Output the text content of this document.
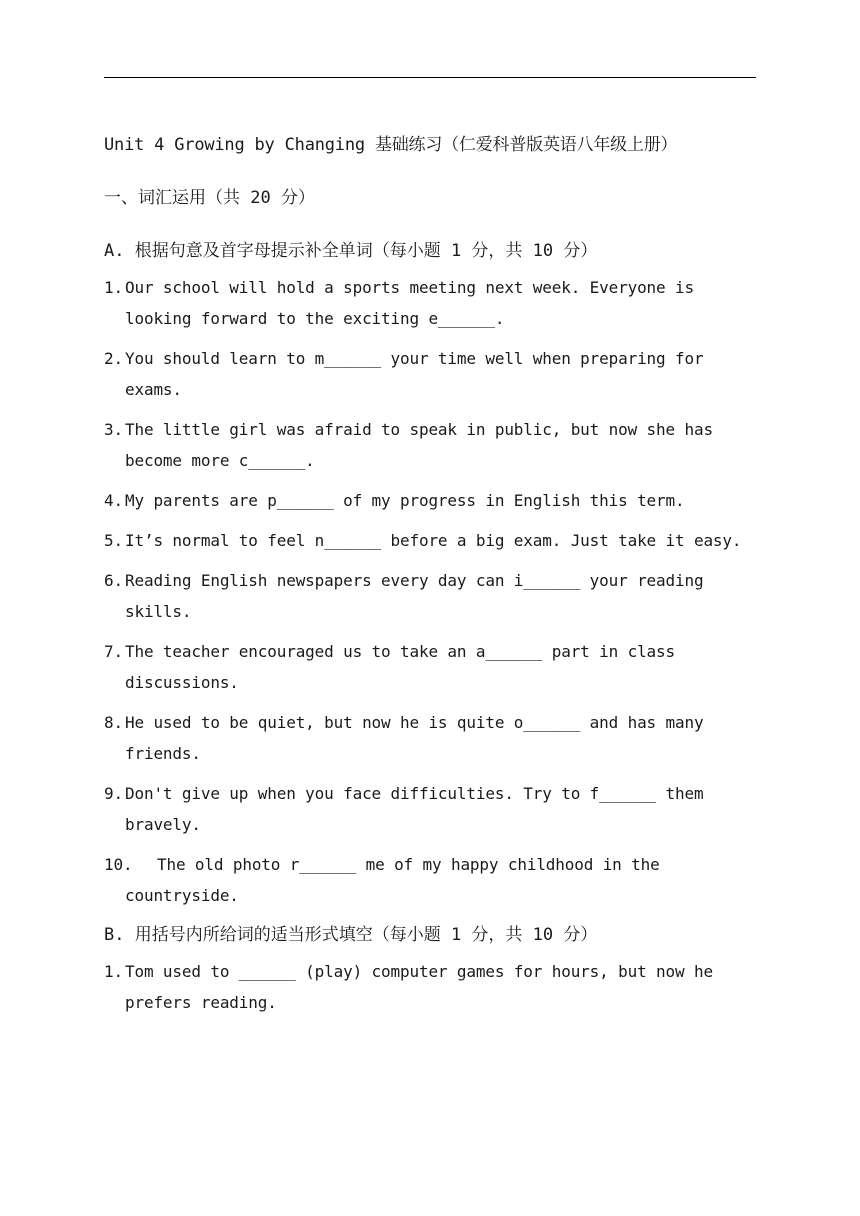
Unit 4 Growing by Changing 基础练习（仁爱科普版英语八年级上册）
一、词汇运用（共 20 分）
A. 根据句意及首字母提示补全单词（每小题 1 分，共 10 分）
1. Our school will hold a sports meeting next week. Everyone is looking forward to the exciting e______.
2. You should learn to m______ your time well when preparing for exams.
3. The little girl was afraid to speak in public, but now she has become more c______.
4. My parents are p______ of my progress in English this term.
5. It’s normal to feel n______ before a big exam. Just take it easy.
6. Reading English newspapers every day can i______ your reading skills.
7. The teacher encouraged us to take an a______ part in class discussions.
8. He used to be quiet, but now he is quite o______ and has many friends.
9. Don't give up when you face difficulties. Try to f______ them bravely.
10. The old photo r______ me of my happy childhood in the countryside.
B. 用括号内所给词的适当形式填空（每小题 1 分，共 10 分）
1. Tom used to ______ (play) computer games for hours, but now he prefers reading.
